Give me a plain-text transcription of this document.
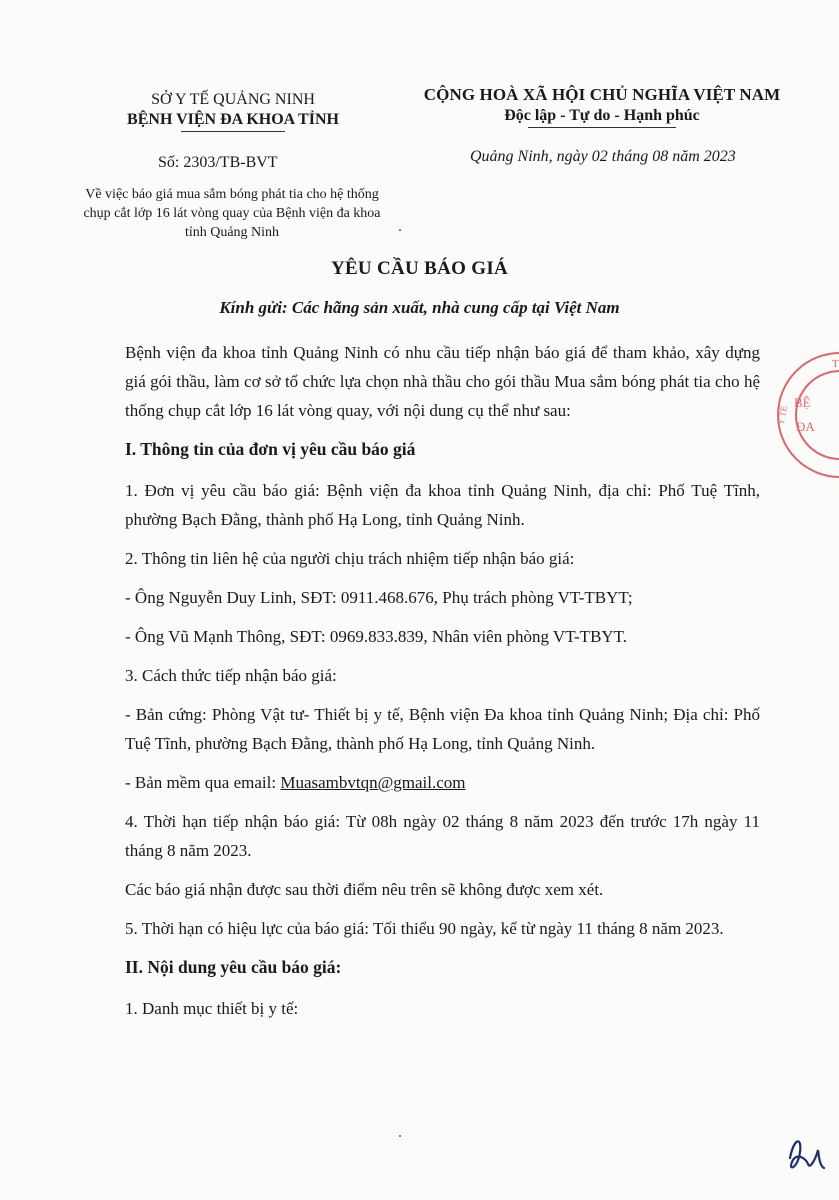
SỞ Y TẾ QUẢNG NINH
BỆNH VIỆN ĐA KHOA TỈNH
CỘNG HOÀ XÃ HỘI CHỦ NGHĨA VIỆT NAM
Độc lập - Tự do - Hạnh phúc
Số: 2303/TB-BVT	Quảng Ninh, ngày 02 tháng 08 năm 2023
Về việc báo giá mua sắm bóng phát tia cho hệ thống chụp cắt lớp 16 lát vòng quay của Bệnh viện đa khoa tỉnh Quảng Ninh
YÊU CẦU BÁO GIÁ
Kính gửi: Các hãng sản xuất, nhà cung cấp tại Việt Nam

Bệnh viện đa khoa tỉnh Quảng Ninh có nhu cầu tiếp nhận báo giá để tham khảo, xây dựng giá gói thầu, làm cơ sở tổ chức lựa chọn nhà thầu cho gói thầu Mua sắm bóng phát tia cho hệ thống chụp cắt lớp 16 lát vòng quay, với nội dung cụ thể như sau:

I. Thông tin của đơn vị yêu cầu báo giá

1. Đơn vị yêu cầu báo giá: Bệnh viện đa khoa tỉnh Quảng Ninh, địa chỉ: Phố Tuệ Tĩnh, phường Bạch Đằng, thành phố Hạ Long, tỉnh Quảng Ninh.

2. Thông tin liên hệ của người chịu trách nhiệm tiếp nhận báo giá:

- Ông Nguyễn Duy Linh, SĐT: 0911.468.676, Phụ trách phòng VT-TBYT;

- Ông Vũ Mạnh Thông, SĐT: 0969.833.839, Nhân viên phòng VT-TBYT.

3. Cách thức tiếp nhận báo giá:

- Bản cứng: Phòng Vật tư- Thiết bị y tế, Bệnh viện Đa khoa tỉnh Quảng Ninh; Địa chỉ: Phố Tuệ Tĩnh, phường Bạch Đằng, thành phố Hạ Long, tỉnh Quảng Ninh.

- Bản mềm qua email: Muasambvtqn@gmail.com

4. Thời hạn tiếp nhận báo giá: Từ 08h ngày 02 tháng 8 năm 2023 đến trước 17h ngày 11 tháng 8 năm 2023.

Các báo giá nhận được sau thời điểm nêu trên sẽ không được xem xét.

5. Thời hạn có hiệu lực của báo giá: Tối thiểu 90 ngày, kể từ ngày 11 tháng 8 năm 2023.

II. Nội dung yêu cầu báo giá:

1. Danh mục thiết bị y tế:

T
BỆ
ĐA
Y TẾ
